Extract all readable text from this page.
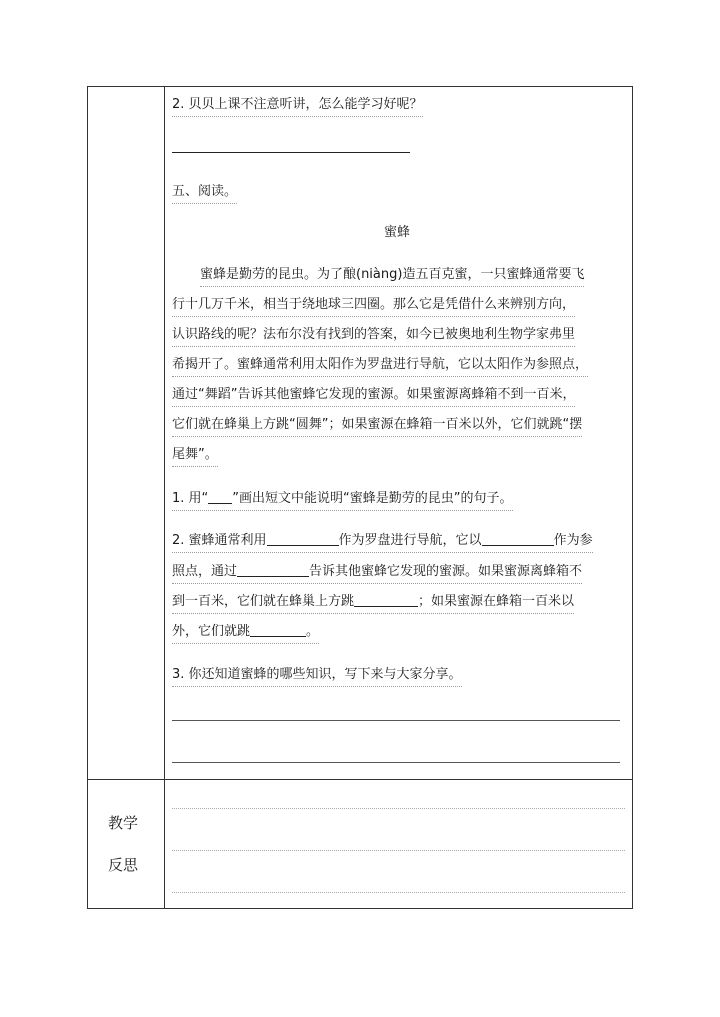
2. 贝贝上课不注意听讲，怎么能学习好呢？
五、阅读。
蜜蜂
蜜蜂是勤劳的昆虫。为了酿(niàng)造五百克蜜，一只蜜蜂通常要飞
行十几万千米，相当于绕地球三四圈。那么它是凭借什么来辨别方向，
认识路线的呢？法布尔没有找到的答案，如今已被奥地利生物学家弗里
希揭开了。蜜蜂通常利用太阳作为罗盘进行导航，它以太阳作为参照点，
通过“舞蹈”告诉其他蜜蜂它发现的蜜源。如果蜜源离蜂箱不到一百米，
它们就在蜂巢上方跳“圆舞”；如果蜜源在蜂箱一百米以外，它们就跳“摆
尾舞”。
1. 用“ ”画出短文中能说明“蜜蜂是勤劳的昆虫”的句子。
2. 蜜蜂通常利用	作为罗盘进行导航，它以	作为参
照点，通过	告诉其他蜜蜂它发现的蜜源。如果蜜源离蜂箱不
到一百米，它们就在蜂巢上方跳	；如果蜜源在蜂箱一百米以
外，它们就跳	。
3. 你还知道蜜蜂的哪些知识，写下来与大家分享。
教学
反思
